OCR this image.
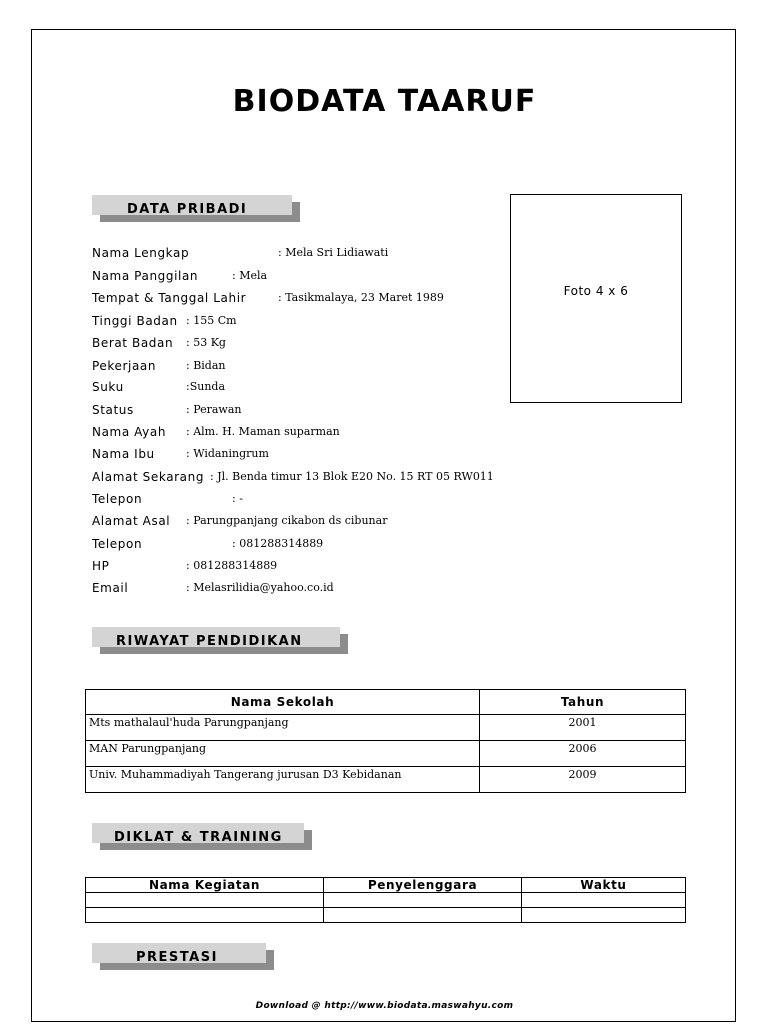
BIODATA TAARUF
DATA PRIBADI
Foto 4 x 6
Nama Lengkap	: Mela Sri Lidiawati
Nama Panggilan	: Mela
Tempat & Tanggal Lahir	: Tasikmalaya, 23 Maret 1989
Tinggi Badan : 155 Cm
Berat Badan : 53 Kg
Pekerjaan	: Bidan
Suku	:Sunda
Status	: Perawan
Nama Ayah : Alm. H. Maman suparman
Nama Ibu	: Widaningrum
Alamat Sekarang : Jl. Benda timur 13 Blok E20 No. 15 RT 05 RW011
Telepon	: -
Alamat Asal : Parungpanjang cikabon ds cibunar
Telepon	: 081288314889
HP	: 081288314889
Email	: Melasrilidia@yahoo.co.id
RIWAYAT PENDIDIKAN
Nama Sekolah	Tahun
Mts mathalaul'huda Parungpanjang	2001
MAN Parungpanjang	2006
Univ. Muhammadiyah Tangerang jurusan D3 Kebidanan	2009
DIKLAT & TRAINING
Nama Kegiatan	Penyelenggara	Waktu

PRESTASI
Download @ http://www.biodata.maswahyu.com
